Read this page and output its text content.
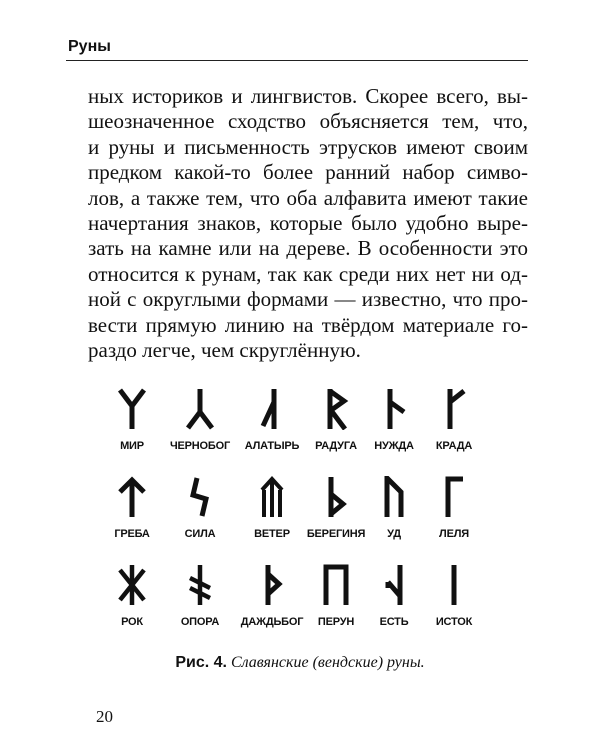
Руны
ных историков и лингвистов. Скорее всего, вы-
шеозначенное сходство объясняется тем, что,
и руны и письменность этрусков имеют своим
предком какой-то более ранний набор симво-
лов, а также тем, что оба алфавита имеют такие
начертания знаков, которые было удобно выре-
зать на камне или на дереве. В особенности это
относится к рунам, так как среди них нет ни од-
ной с округлыми формами — известно, что про-
вести прямую линию на твёрдом материале го-
раздо легче, чем скруглённую.
МИР	ЧЕРНОБОГ	АЛАТЫРЬ	РАДУГА	НУЖДА	КРАДА
ГРЕБА	СИЛА	ВЕТЕР	БЕРЕГИНЯ	УД	ЛЕЛЯ
РОК	ОПОРА	ДАЖДЬБОГ	ПЕРУН	ЕСТЬ	ИСТОК
Рис. 4. Славянские (вендские) руны.
20
